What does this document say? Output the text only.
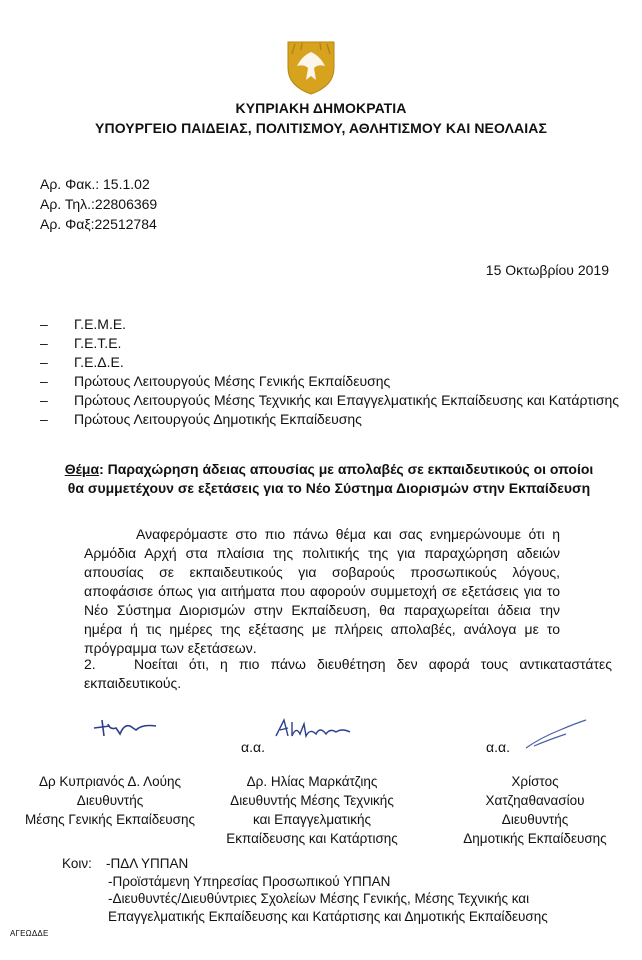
ΚΥΠΡΙΑΚΗ ΔΗΜΟΚΡΑΤΙΑ
ΥΠΟΥΡΓΕΙΟ ΠΑΙΔΕΙΑΣ, ΠΟΛΙΤΙΣΜΟΥ, ΑΘΛΗΤΙΣΜΟΥ ΚΑΙ ΝΕΟΛΑΙΑΣ
Αρ. Φακ.: 15.1.02
Αρ. Τηλ.:22806369
Αρ. Φαξ:22512784
15 Οκτωβρίου 2019
–	Γ.Ε.Μ.Ε.
–	Γ.Ε.Τ.Ε.
–	Γ.Ε.Δ.Ε.
–	Πρώτους Λειτουργούς Μέσης Γενικής Εκπαίδευσης
–	Πρώτους Λειτουργούς Μέσης Τεχνικής και Επαγγελματικής Εκπαίδευσης και Κατάρτισης
–	Πρώτους Λειτουργούς Δημοτικής Εκπαίδευσης
Θέμα: Παραχώρηση άδειας απουσίας με απολαβές σε εκπαιδευτικούς οι οποίοι θα συμμετέχουν σε εξετάσεις για το Νέο Σύστημα Διορισμών στην Εκπαίδευση
Αναφερόμαστε στο πιο πάνω θέμα και σας ενημερώνουμε ότι η Αρμόδια Αρχή στα πλαίσια της πολιτικής της για παραχώρηση αδειών απουσίας σε εκπαιδευτικούς για σοβαρούς προσωπικούς λόγους, αποφάσισε όπως για αιτήματα που αφορούν συμμετοχή σε εξετάσεις για το Νέο Σύστημα Διορισμών στην Εκπαίδευση, θα παραχωρείται άδεια την ημέρα ή τις ημέρες της εξέτασης με πλήρεις απολαβές, ανάλογα με το πρόγραμμα των εξετάσεων.
2.	Νοείται ότι, η πιο πάνω διευθέτηση δεν αφορά τους αντικαταστάτες εκπαιδευτικούς.
α.α.	α.α.
Δρ Κυπριανός Δ. Λούης
Διευθυντής
Μέσης Γενικής Εκπαίδευσης
Δρ. Ηλίας Μαρκάτζιης
Διευθυντής Μέσης Τεχνικής
και Επαγγελματικής
Εκπαίδευσης και Κατάρτισης
Χρίστος
Χατζηαθανασίου
Διευθυντής
Δημοτικής Εκπαίδευσης
Κοιν:	-ΠΔΛ ΥΠΠΑΝ
-Προϊστάμενη Υπηρεσίας Προσωπικού ΥΠΠΑΝ
-Διευθυντές/Διευθύντριες Σχολείων Μέσης Γενικής, Μέσης Τεχνικής και
Επαγγελματικής Εκπαίδευσης και Κατάρτισης και Δημοτικής Εκπαίδευσης
ΑΓΕΩΔΔΕ
